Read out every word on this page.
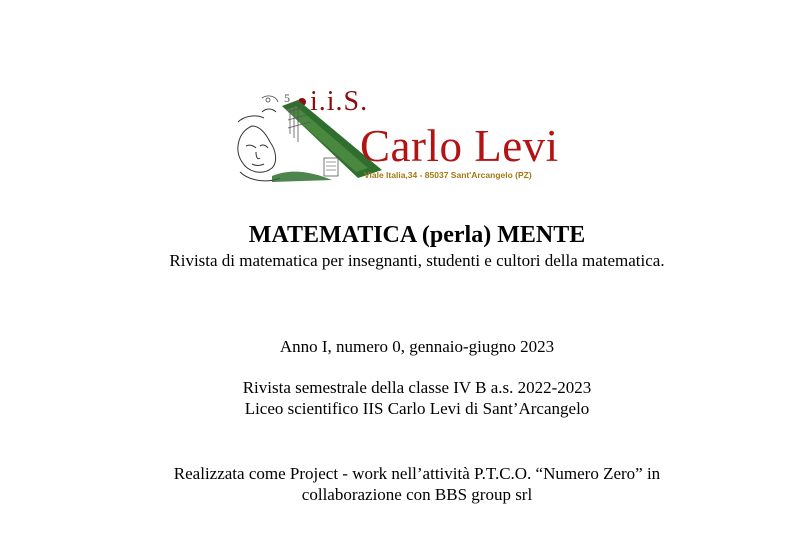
5 i.i.S.
Carlo Levi
Viale Italia,34 - 85037 Sant'Arcangelo (PZ)
MATEMATICA (perla) MENTE
Rivista di matematica per insegnanti, studenti e cultori della matematica.
Anno I, numero 0, gennaio-giugno 2023
Rivista semestrale della classe IV B a.s. 2022-2023
Liceo scientifico IIS Carlo Levi di Sant’Arcangelo
Realizzata come Project - work nell’attività P.T.C.O. “Numero Zero” in
collaborazione con BBS group srl
